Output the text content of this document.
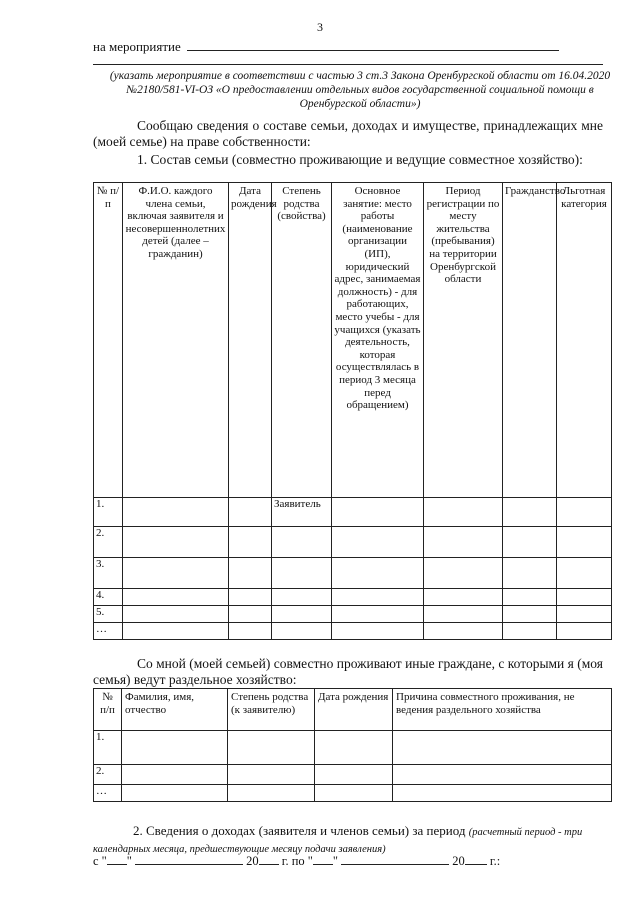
3
на мероприятие
(указать мероприятие в соответствии с частью 3 ст.3 Закона Оренбургской области от 16.04.2020 №2180/581-VI-ОЗ «О предоставлении отдельных видов государственной социальной помощи в Оренбургской области»)
Сообщаю сведения о составе семьи, доходах и имуществе, принадлежащих мне (моей семье) на праве собственности:
1. Состав семьи (совместно проживающие и ведущие совместное хозяйство):
№ п/п	Ф.И.О. каждого члена семьи, включая заявителя и несовершеннолетних детей (далее – гражданин)	Дата рождения	Степень родства (свойства)	Основное занятие: место работы (наименование организации (ИП), юридический адрес, занимаемая должность) - для работающих, место учебы - для учащихся (указать деятельность, которая осуществлялась в период 3 месяца перед обращением)	Период регистрации по месту жительства (пребывания) на территории Оренбургской области	Гражданство	Льготная категория
1.			Заявитель				
2.							
3.							
4.							
5.							
…							
Со мной (моей семьей) совместно проживают иные граждане, с которыми я (моя семья) ведут раздельное хозяйство:
№ п/п	Фамилия, имя, отчество	Степень родства (к заявителю)	Дата рождения	Причина совместного проживания, не ведения раздельного хозяйства
1.				
2.				
…				
2. Сведения о доходах (заявителя и членов семьи) за период (расчетный период - три календарных месяца, предшествующие месяцу подачи заявления)
с " "	20 г. по " "	20 г.:
